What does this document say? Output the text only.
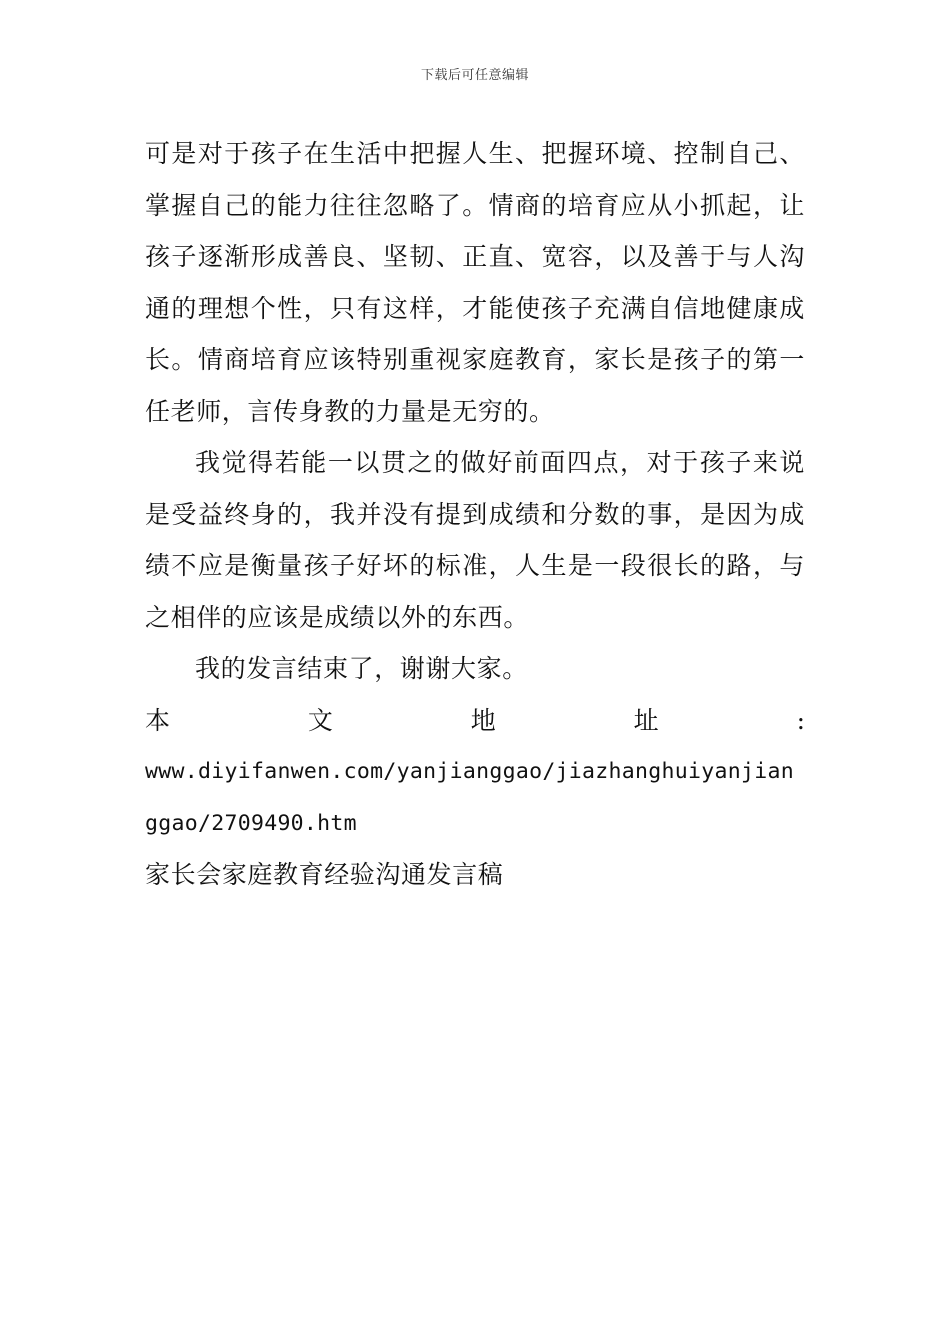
下载后可任意编辑

可是对于孩子在生活中把握人生、把握环境、控制自己、掌握自己的能力往往忽略了。情商的培育应从小抓起，让孩子逐渐形成善良、坚韧、正直、宽容，以及善于与人沟通的理想个性，只有这样，才能使孩子充满自信地健康成长。情商培育应该特别重视家庭教育，家长是孩子的第一任老师，言传身教的力量是无穷的。

我觉得若能一以贯之的做好前面四点，对于孩子来说是受益终身的，我并没有提到成绩和分数的事，是因为成绩不应是衡量孩子好坏的标准，人生是一段很长的路，与之相伴的应该是成绩以外的东西。

我的发言结束了，谢谢大家。

本	文	地	址	:

www.diyifanwen.com/yanjianggao/jiazhanghuiyanjianggao/2709490.htm

家长会家庭教育经验沟通发言稿
